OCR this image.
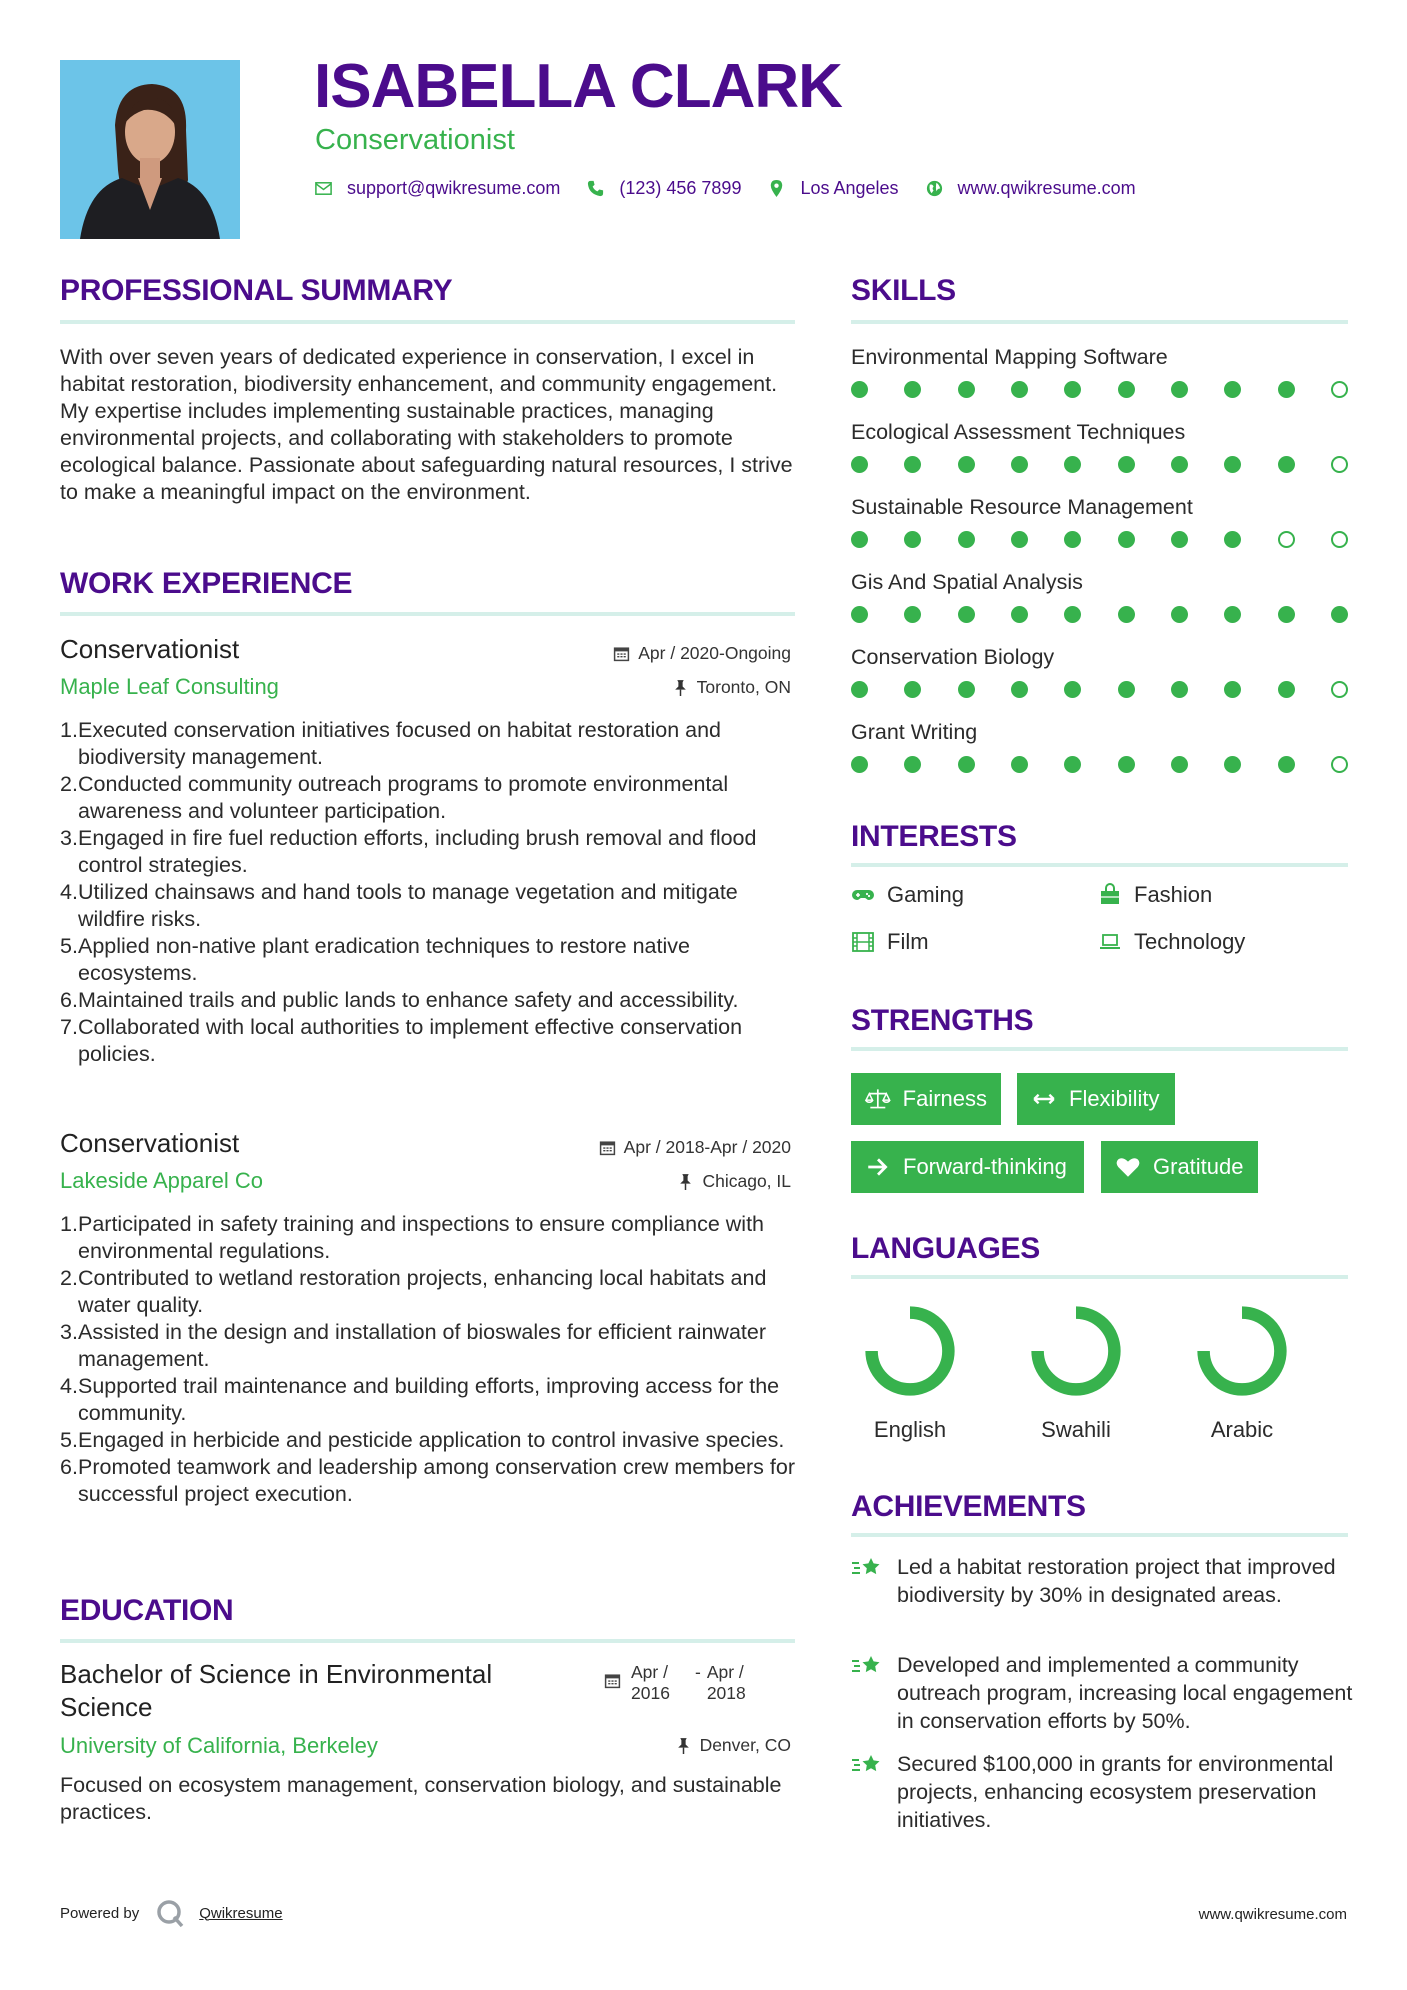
ISABELLA CLARK
Conservationist
support@qwikresume.com	(123) 456 7899	Los Angeles	www.qwikresume.com
PROFESSIONAL SUMMARY
With over seven years of dedicated experience in conservation, I excel in habitat restoration, biodiversity enhancement, and community engagement. My expertise includes implementing sustainable practices, managing environmental projects, and collaborating with stakeholders to promote ecological balance. Passionate about safeguarding natural resources, I strive to make a meaningful impact on the environment.
WORK EXPERIENCE
Conservationist
Maple Leaf Consulting
Apr / 2020-Ongoing
Toronto, ON
1. Executed conservation initiatives focused on habitat restoration and biodiversity management.
2. Conducted community outreach programs to promote environmental awareness and volunteer participation.
3. Engaged in fire fuel reduction efforts, including brush removal and flood control strategies.
4. Utilized chainsaws and hand tools to manage vegetation and mitigate wildfire risks.
5. Applied non-native plant eradication techniques to restore native ecosystems.
6. Maintained trails and public lands to enhance safety and accessibility.
7. Collaborated with local authorities to implement effective conservation policies.
Conservationist
Lakeside Apparel Co
Apr / 2018-Apr / 2020
Chicago, IL
1. Participated in safety training and inspections to ensure compliance with environmental regulations.
2. Contributed to wetland restoration projects, enhancing local habitats and water quality.
3. Assisted in the design and installation of bioswales for efficient rainwater management.
4. Supported trail maintenance and building efforts, improving access for the community.
5. Engaged in herbicide and pesticide application to control invasive species.
6. Promoted teamwork and leadership among conservation crew members for successful project execution.
EDUCATION
Bachelor of Science in Environmental Science
Apr / 2016
- Apr / 2018
University of California, Berkeley	Denver, CO
Focused on ecosystem management, conservation biology, and sustainable practices.
SKILLS
Environmental Mapping Software
Ecological Assessment Techniques
Sustainable Resource Management
Gis And Spatial Analysis
Conservation Biology
Grant Writing
INTERESTS
Gaming	Fashion
Film	Technology
STRENGTHS
Fairness	Flexibility
Forward-thinking	Gratitude
LANGUAGES
English	Swahili	Arabic
ACHIEVEMENTS
Led a habitat restoration project that improved biodiversity by 30% in designated areas.
Developed and implemented a community outreach program, increasing local engagement in conservation efforts by 50%.
Secured $100,000 in grants for environmental projects, enhancing ecosystem preservation initiatives.
Powered by	Qwikresume	www.qwikresume.com
